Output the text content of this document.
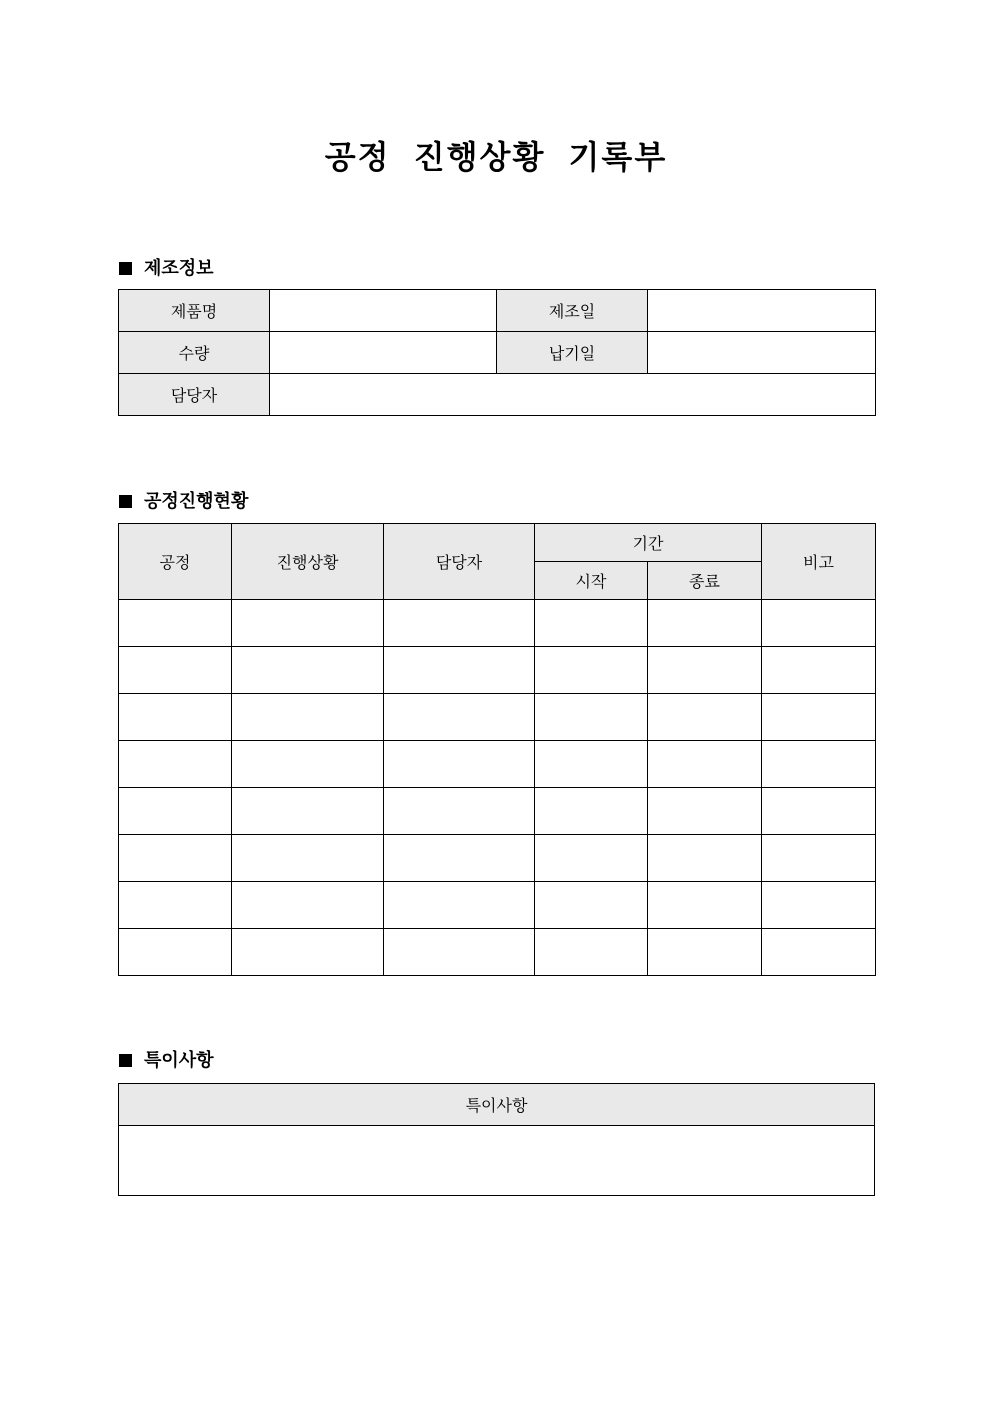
공정 진행상황 기록부
제조정보
제품명		제조일	
수량		납기일	
담당자			
공정진행현황
공정	진행상황	담당자	기간		비고
			시작	종료	

특이사항
특이사항
